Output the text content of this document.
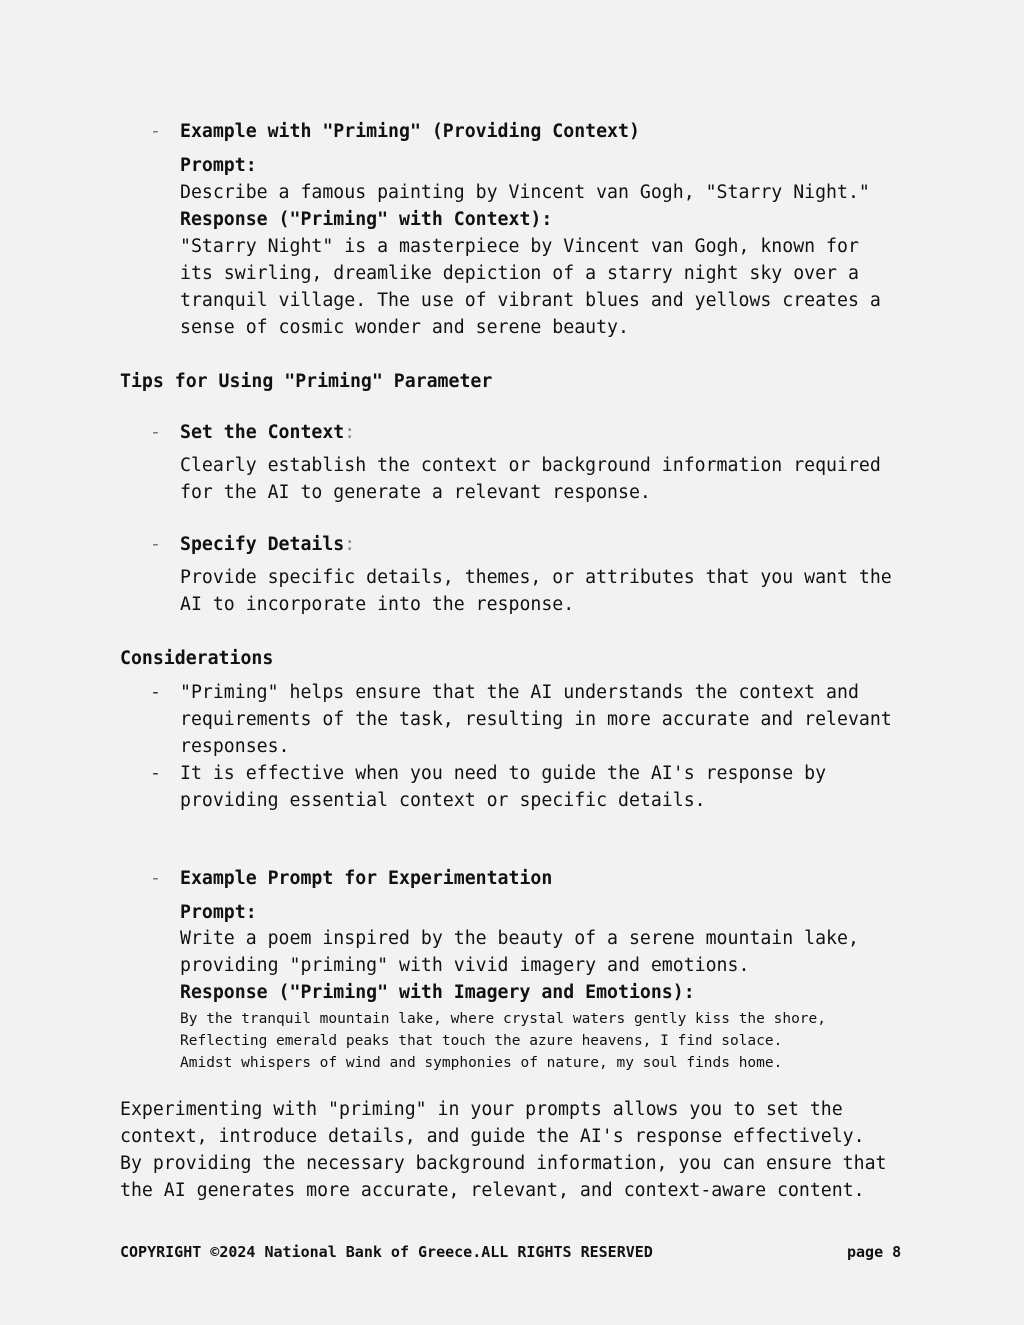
- Example with "Priming" (Providing Context)
Prompt:
Describe a famous painting by Vincent van Gogh, "Starry Night."
Response ("Priming" with Context):
"Starry Night" is a masterpiece by Vincent van Gogh, known for
its swirling, dreamlike depiction of a starry night sky over a
tranquil village. The use of vibrant blues and yellows creates a
sense of cosmic wonder and serene beauty.
Tips for Using "Priming" Parameter
- Set the Context:
Clearly establish the context or background information required
for the AI to generate a relevant response.
- Specify Details:
Provide specific details, themes, or attributes that you want the
AI to incorporate into the response.
Considerations
- "Priming" helps ensure that the AI understands the context and
requirements of the task, resulting in more accurate and relevant
responses.
- It is effective when you need to guide the AI's response by
providing essential context or specific details.
- Example Prompt for Experimentation
Prompt:
Write a poem inspired by the beauty of a serene mountain lake,
providing "priming" with vivid imagery and emotions.
Response ("Priming" with Imagery and Emotions):
By the tranquil mountain lake, where crystal waters gently kiss the shore,
Reflecting emerald peaks that touch the azure heavens, I find solace.
Amidst whispers of wind and symphonies of nature, my soul finds home.
Experimenting with "priming" in your prompts allows you to set the
context, introduce details, and guide the AI's response effectively.
By providing the necessary background information, you can ensure that
the AI generates more accurate, relevant, and context-aware content.
COPYRIGHT ©2024 National Bank of Greece.ALL RIGHTS RESERVED	page 8
